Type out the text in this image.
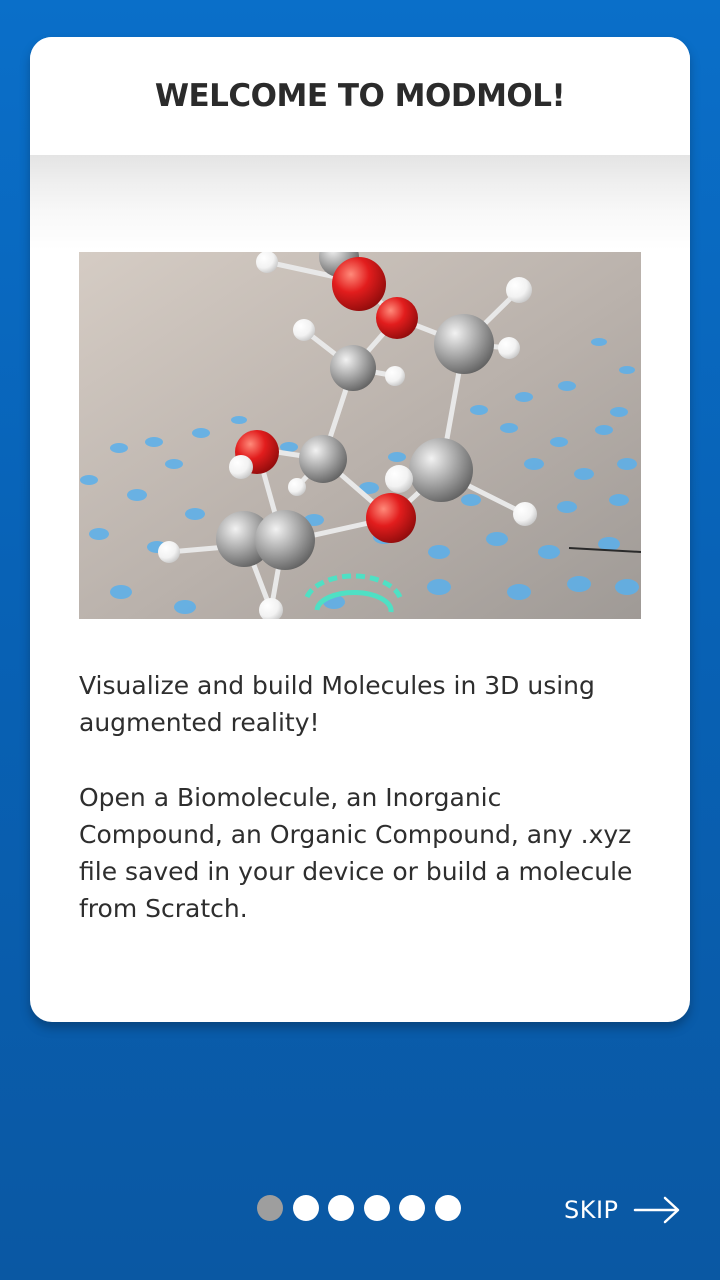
WELCOME TO MODMOL!

Visualize and build Molecules in 3D using augmented reality!

Open a Biomolecule, an Inorganic Compound, an Organic Compound, any .xyz file saved in your device or build a molecule from Scratch.

SKIP
